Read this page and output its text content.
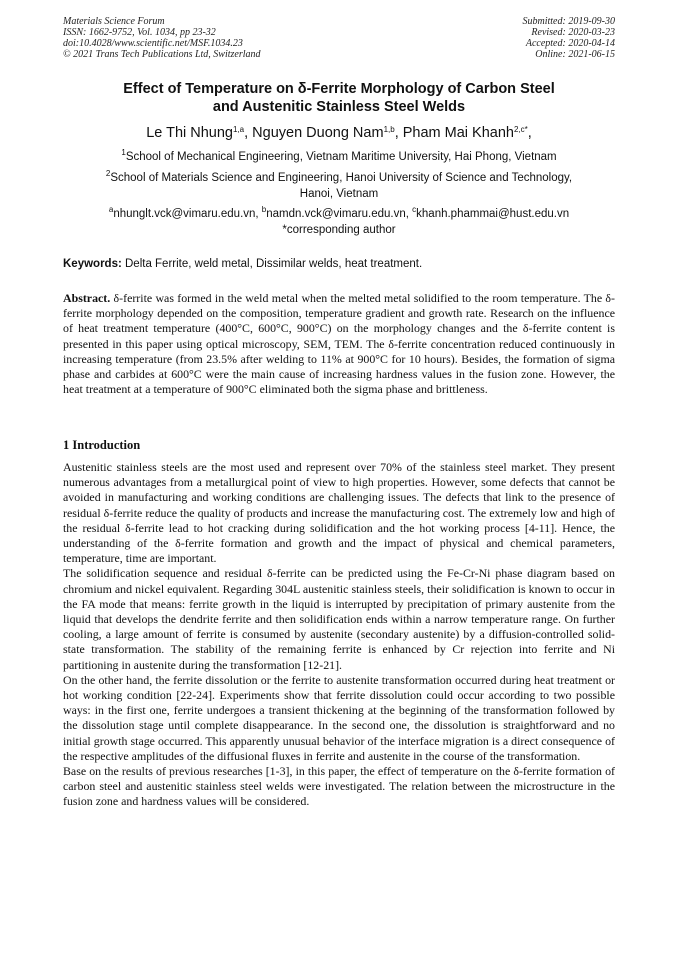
Materials Science Forum
ISSN: 1662-9752, Vol. 1034, pp 23-32
doi:10.4028/www.scientific.net/MSF.1034.23
© 2021 Trans Tech Publications Ltd, Switzerland
Submitted: 2019-09-30
Revised: 2020-03-23
Accepted: 2020-04-14
Online: 2021-06-15
Effect of Temperature on δ-Ferrite Morphology of Carbon Steel
and Austenitic Stainless Steel Welds
Le Thi Nhung$^{1,a}$, Nguyen Duong Nam$^{1,b}$, Pham Mai Khanh$^{2,c*}$,
$^1$School of Mechanical Engineering, Vietnam Maritime University, Hai Phong, Vietnam
$^2$School of Materials Science and Engineering, Hanoi University of Science and Technology,
Hanoi, Vietnam
$^a$nhunglt.vck@vimaru.edu.vn, $^b$namdn.vck@vimaru.edu.vn, $^c$khanh.phammai@hust.edu.vn
*corresponding author
Keywords: Delta Ferrite, weld metal, Dissimilar welds, heat treatment.
Abstract. δ-ferrite was formed in the weld metal when the melted metal solidified to the room temperature. The δ-ferrite morphology depended on the composition, temperature gradient and growth rate. Research on the influence of heat treatment temperature (400°C, 600°C, 900°C) on the morphology changes and the δ-ferrite content is presented in this paper using optical microscopy, SEM, TEM. The δ-ferrite concentration reduced continuously in increasing temperature (from 23.5% after welding to 11% at 900°C for 10 hours). Besides, the formation of sigma phase and carbides at 600°C were the main cause of increasing hardness values in the fusion zone. However, the heat treatment at a temperature of 900°C eliminated both the sigma phase and brittleness.
1 Introduction

Austenitic stainless steels are the most used and represent over 70% of the stainless steel market. They present numerous advantages from a metallurgical point of view to high properties. However, some defects that cannot be avoided in manufacturing and working conditions are challenging issues. The defects that link to the presence of residual δ-ferrite reduce the quality of products and increase the manufacturing cost. The extremely low and high of the residual δ-ferrite lead to hot cracking during solidification and the hot working process [4-11]. Hence, the understanding of the δ-ferrite formation and growth and the impact of physical and chemical parameters, temperature, time are important.

The solidification sequence and residual δ-ferrite can be predicted using the Fe-Cr-Ni phase diagram based on chromium and nickel equivalent. Regarding 304L austenitic stainless steels, their solidification is known to occur in the FA mode that means: ferrite growth in the liquid is interrupted by precipitation of primary austenite from the liquid that develops the dendrite ferrite and then solidification ends within a narrow temperature range. On further cooling, a large amount of ferrite is consumed by austenite (secondary austenite) by a diffusion-controlled solid-state transformation. The stability of the remaining ferrite is enhanced by Cr rejection into ferrite and Ni partitioning in austenite during the transformation [12-21].

On the other hand, the ferrite dissolution or the ferrite to austenite transformation occurred during heat treatment or hot working condition [22-24]. Experiments show that ferrite dissolution could occur according to two possible ways: in the first one, ferrite undergoes a transient thickening at the beginning of the transformation followed by the dissolution stage until complete disappearance. In the second one, the dissolution is straightforward and no initial growth stage occurred. This apparently unusual behavior of the interface migration is a direct consequence of the respective amplitudes of the diffusional fluxes in ferrite and austenite in the course of the transformation.

Base on the results of previous researches [1-3], in this paper, the effect of temperature on the δ-ferrite formation of carbon steel and austenitic stainless steel welds were investigated. The relation between the microstructure in the fusion zone and hardness values will be considered.
